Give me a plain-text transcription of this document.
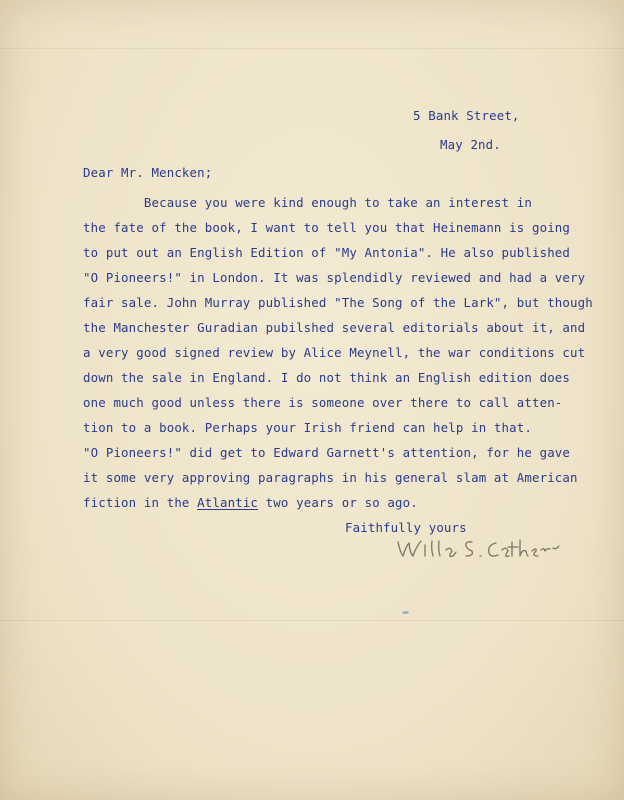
5 Bank Street,

May 2nd.

Dear Mr. Mencken;

Because you were kind enough to take an interest in

the fate of the book, I want to tell you that Heinemann is going

to put out an English Edition of "My Antonia". He also published

"O Pioneers!" in London. It was splendidly reviewed and had a very

fair sale. John Murray published "The Song of the Lark", but though

the Manchester Guradian pubilshed several editorials about it, and

a very good signed review by Alice Meynell, the war conditions cut

down the sale in England. I do not think an English edition does

one much good unless there is someone over there to call atten-

tion to a book. Perhaps your Irish friend can help in that.

"O Pioneers!" did get to Edward Garnett's attention, for he gave

it some very approving paragraphs in his general slam at American

fiction in the Atlantic two years or so ago.

Faithfully yours
